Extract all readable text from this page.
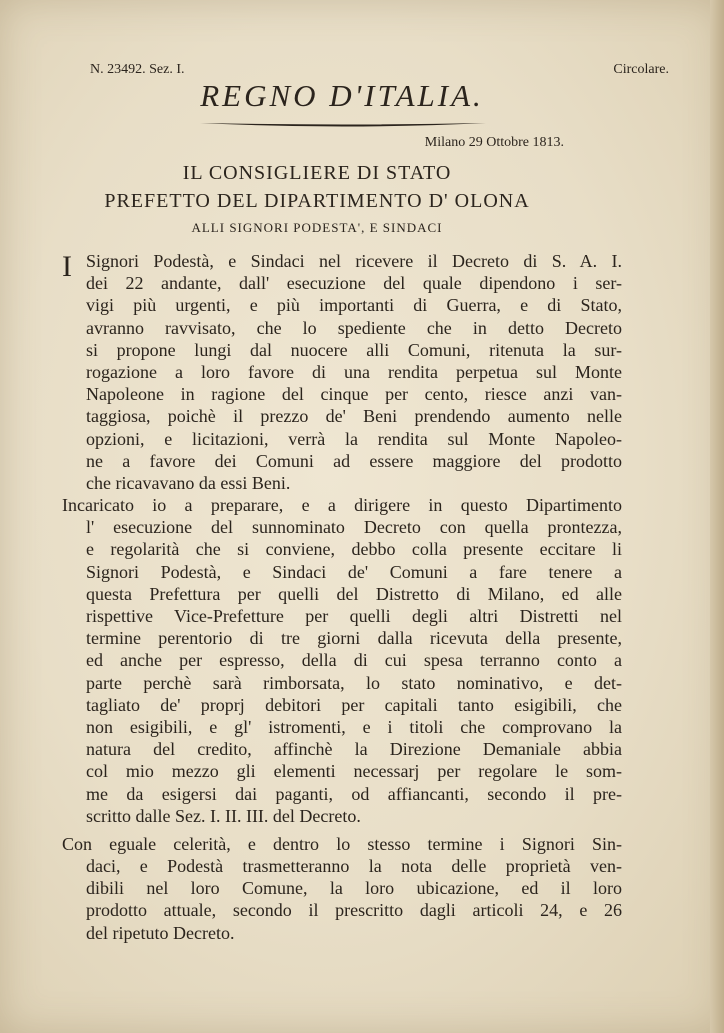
N. 23492. Sez. I.	Circolare.
REGNO D'ITALIA.
Milano 29 Ottobre 1813.
IL CONSIGLIERE DI STATO
PREFETTO DEL DIPARTIMENTO D' OLONA
ALLI SIGNORI PODESTA', E SINDACI
I Signori Podestà, e Sindaci nel ricevere il Decreto di S. A. I.
dei 22 andante, dall' esecuzione del quale dipendono i ser-
vigi più urgenti, e più importanti di Guerra, e di Stato,
avranno ravvisato, che lo spediente che in detto Decreto
si propone lungi dal nuocere alli Comuni, ritenuta la sur-
rogazione a loro favore di una rendita perpetua sul Monte
Napoleone in ragione del cinque per cento, riesce anzi van-
taggiosa, poichè il prezzo de' Beni prendendo aumento nelle
opzioni, e licitazioni, verrà la rendita sul Monte Napoleo-
ne a favore dei Comuni ad essere maggiore del prodotto
che ricavavano da essi Beni.
Incaricato io a preparare, e a dirigere in questo Dipartimento
l' esecuzione del sunnominato Decreto con quella prontezza,
e regolarità che si conviene, debbo colla presente eccitare li
Signori Podestà, e Sindaci de' Comuni a fare tenere a
questa Prefettura per quelli del Distretto di Milano, ed alle
rispettive Vice-Prefetture per quelli degli altri Distretti nel
termine perentorio di tre giorni dalla ricevuta della presente,
ed anche per espresso, della di cui spesa terranno conto a
parte perchè sarà rimborsata, lo stato nominativo, e det-
tagliato de' proprj debitori per capitali tanto esigibili, che
non esigibili, e gl' istromenti, e i titoli che comprovano la
natura del credito, affinchè la Direzione Demaniale abbia
col mio mezzo gli elementi necessarj per regolare le som-
me da esigersi dai paganti, od affiancanti, secondo il pre-
scritto dalle Sez. I. II. III. del Decreto.
Con eguale celerità, e dentro lo stesso termine i Signori Sin-
daci, e Podestà trasmetteranno la nota delle proprietà ven-
dibili nel loro Comune, la loro ubicazione, ed il loro
prodotto attuale, secondo il prescritto dagli articoli 24, e 26
del ripetuto Decreto.
